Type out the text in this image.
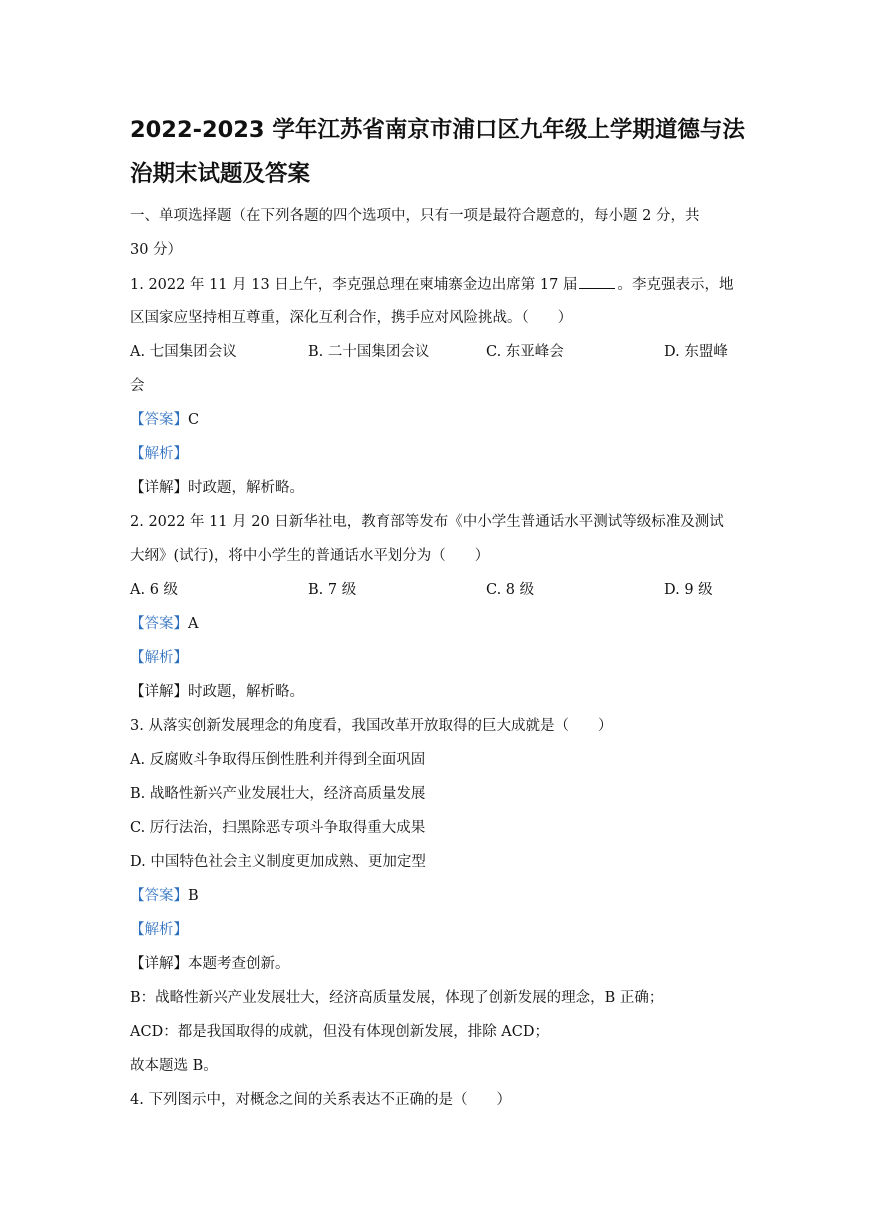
2022-2023 学年江苏省南京市浦口区九年级上学期道德与法
治期末试题及答案
一、单项选择题（在下列各题的四个选项中，只有一项是最符合题意的，每小题 2 分，共
30 分）
1. 2022 年 11 月 13 日上午，李克强总理在柬埔寨金边出席第 17 届	。李克强表示，地
区国家应坚持相互尊重，深化互利合作，携手应对风险挑战。（　　）
A. 七国集团会议	B. 二十国集团会议	C. 东亚峰会	D. 东盟峰
会
【答案】C
【解析】
【详解】时政题，解析略。
2. 2022 年 11 月 20 日新华社电，教育部等发布《中小学生普通话水平测试等级标准及测试
大纲》(试行)，将中小学生的普通话水平划分为（　　）
A. 6 级	B. 7 级	C. 8 级	D. 9 级
【答案】A
【解析】
【详解】时政题，解析略。
3. 从落实创新发展理念的角度看，我国改革开放取得的巨大成就是（　　）
A. 反腐败斗争取得压倒性胜利并得到全面巩固
B. 战略性新兴产业发展壮大，经济高质量发展
C. 厉行法治，扫黑除恶专项斗争取得重大成果
D. 中国特色社会主义制度更加成熟、更加定型
【答案】B
【解析】
【详解】本题考查创新。
B：战略性新兴产业发展壮大，经济高质量发展，体现了创新发展的理念，B 正确；
ACD：都是我国取得的成就，但没有体现创新发展，排除 ACD；
故本题选 B。
4. 下列图示中，对概念之间的关系表达不正确的是（　　）
